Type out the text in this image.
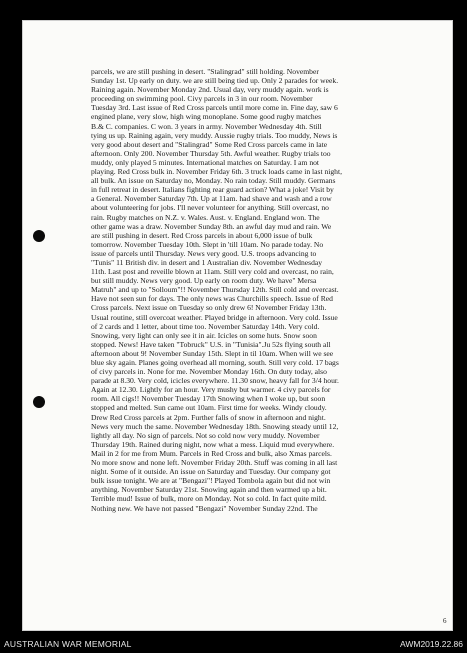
parcels, we are still pushing in desert. "Stalingrad" still holding. November
Sunday 1st. Up early on duty. we are still being tied up. Only 2 parades for week.
Raining again. November Monday 2nd. Usual day, very muddy again. work is
proceeding on swimming pool. Civy parcels in 3 in our room. November
Tuesday 3rd. Last issue of Red Cross parcels until more come in. Fine day, saw 6
engined plane, very slow, high wing monoplane. Some good rugby matches
B.& C. companies. C won. 3 years in army. November Wednesday 4th. Still
tying us up. Raining again, very muddy. Aussie rugby trials. Too muddy, News is
very good about desert and "Stalingrad" Some Red Cross parcels came in late
afternoon. Only 200. November Thursday 5th. Awful weather. Rugby trials too
muddy, only played 5 minutes. International matches on Saturday. I am not
playing. Red Cross bulk in. November Friday 6th. 3 truck loads came in last night,
all bulk. An issue on Saturday no, Monday. No rain today. Still muddy. Germans
in full retreat in desert. Italians fighting rear guard action? What a joke! Visit by
a General. November Saturday 7th. Up at 11am. had shave and wash and a row
about volunteering for jobs. I'll never volunteer for anything. Still overcast, no
rain. Rugby matches on N.Z. v. Wales. Aust. v. England. England won. The
other game was a draw. November Sunday 8th. an awful day mud and rain. We
are still pushing in desert. Red Cross parcels in about 6,000 issue of bulk
tomorrow. November Tuesday 10th. Slept in 'till 10am. No parade today. No
issue of parcels until Thursday. News very good. U.S. troops advancing to
"Tunis" 11 British div. in desert and 1 Australian div. November Wednesday
11th. Last post and reveille blown at 11am. Still very cold and overcast, no rain,
but still muddy. News very good. Up early on room duty. We have" Mersa
Matruh" and up to "Solloum"!! November Thursday 12th. Still cold and overcast.
Have not seen sun for days. The only news was Churchills speech. Issue of Red
Cross parcels. Next issue on Tuesday so only drew 6! November Friday 13th.
Usual routine, still overcoat weather. Played bridge in afternoon. Very cold. Issue
of 2 cards and 1 letter, about time too. November Saturday 14th. Very cold.
Snowing, very light can only see it in air. Icicles on some huts. Snow soon
stopped. News! Have taken "Tobruck" U.S. in "Tunisia".Ju 52s flying south all
afternoon about 9! November Sunday 15th. Slept in til 10am. When will we see
blue sky again. Planes going overhead all morning, south. Still very cold. 17 bags
of civy parcels in. None for me. November Monday 16th. On duty today, also
parade at 8.30. Very cold, icicles everywhere. 11.30 snow, heavy fall for 3/4 hour.
Again at 12.30. Lightly for an hour. Very mushy but warmer. 4 civy parcels for
room. All cigs!! November Tuesday 17th Snowing when I woke up, but soon
stopped and melted. Sun came out 10am. First time for weeks. Windy cloudy.
Drew Red Cross parcels at 2pm. Further falls of snow in afternoon and night.
News very much the same. November Wednesday 18th. Snowing steady until 12,
lightly all day. No sign of parcels. Not so cold now very muddy. November
Thursday 19th. Rained during night, now what a mess. Liquid mud everywhere.
Mail in 2 for me from Mum. Parcels in Red Cross and bulk, also Xmas parcels.
No more snow and none left. November Friday 20th. Stuff was coming in all last
night. Some of it outside. An issue on Saturday and Tuesday. Our company got
bulk issue tonight. We are at "Bengazi"! Played Tombola again but did not win
anything. November Saturday 21st. Snowing again and then warmed up a bit.
Terrible mud! Issue of bulk, more on Monday. Not so cold. In fact quite mild.
Nothing new. We have not passed "Bengazi" November Sunday 22nd. The
6
AUSTRALIAN WAR MEMORIAL	AWM2019.22.86
